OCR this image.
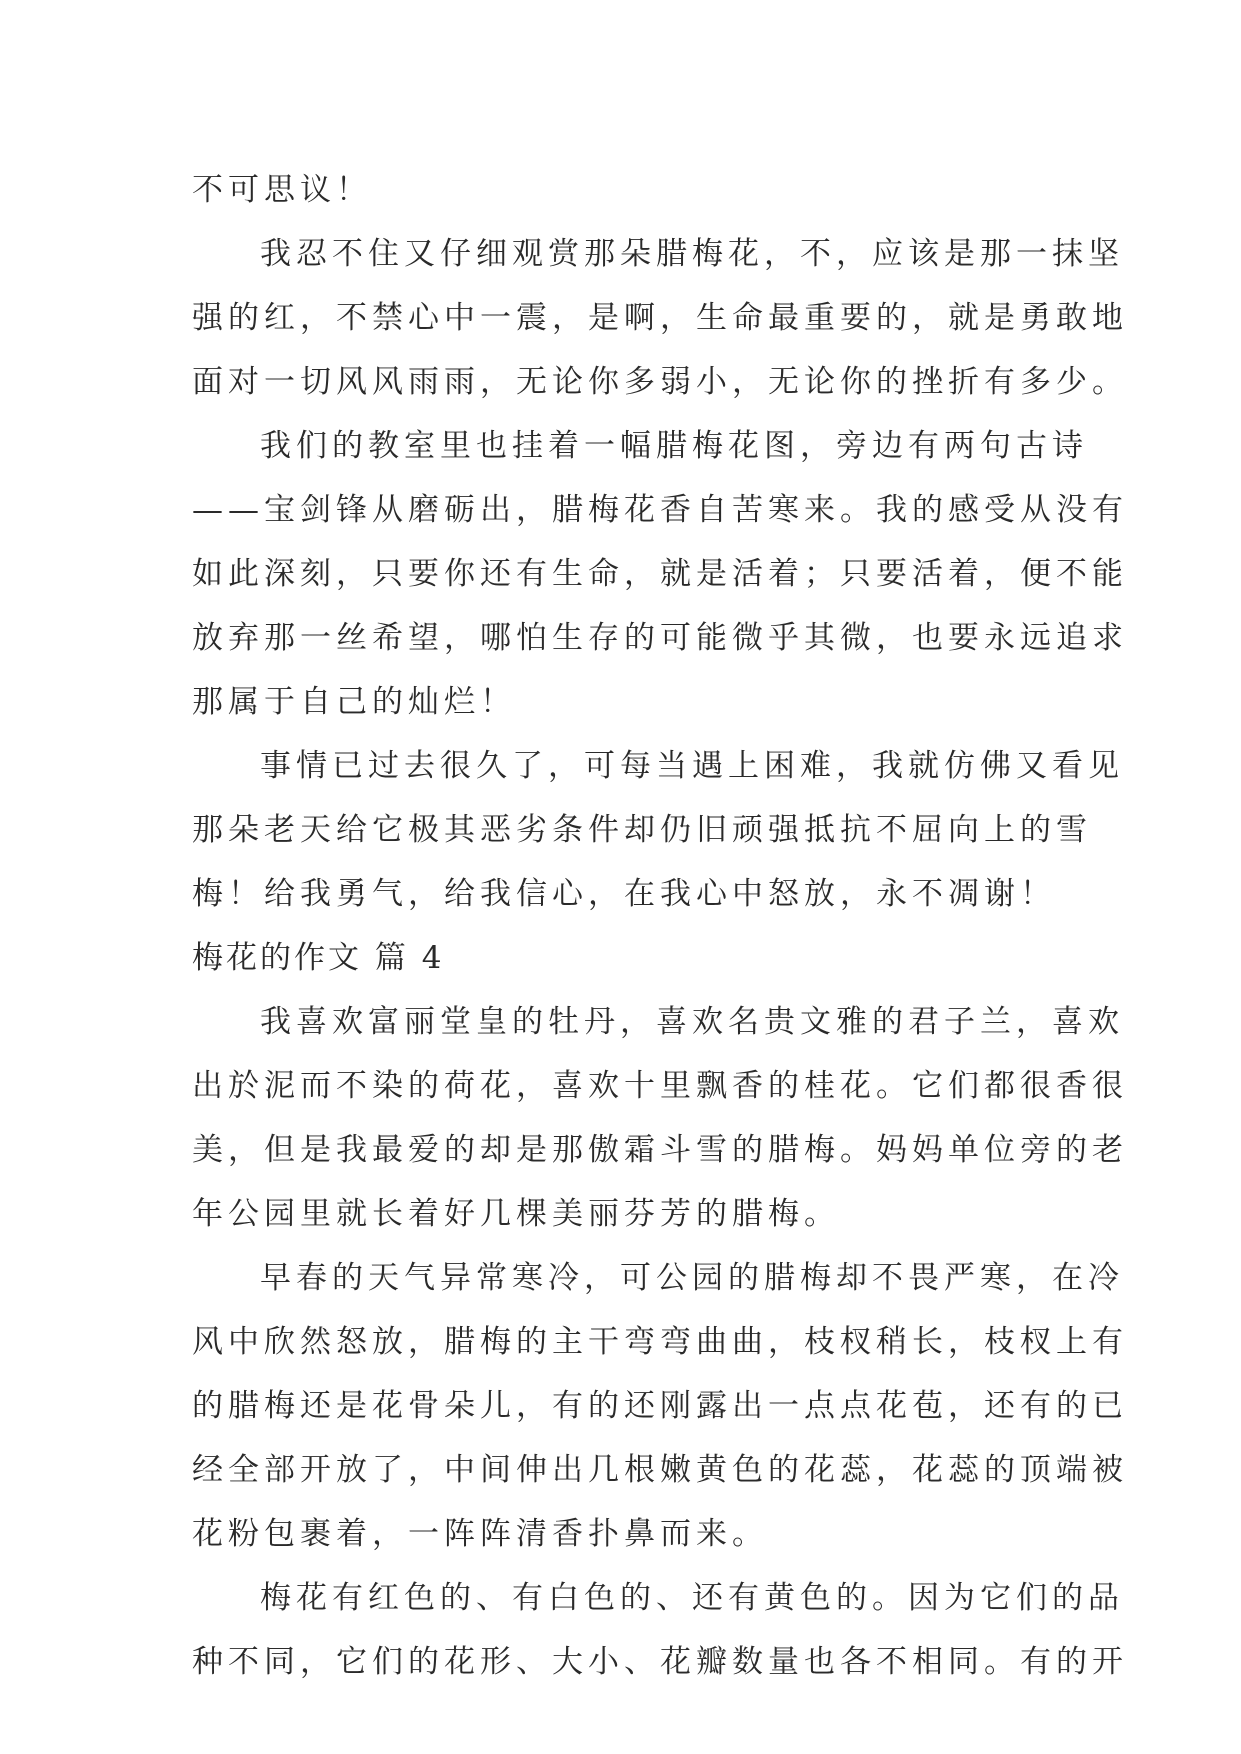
不可思议！

我忍不住又仔细观赏那朵腊梅花，不，应该是那一抹坚

强的红，不禁心中一震，是啊，生命最重要的，就是勇敢地

面对一切风风雨雨，无论你多弱小，无论你的挫折有多少。

我们的教室里也挂着一幅腊梅花图，旁边有两句古诗

——宝剑锋从磨砺出，腊梅花香自苦寒来。我的感受从没有

如此深刻，只要你还有生命，就是活着；只要活着，便不能

放弃那一丝希望，哪怕生存的可能微乎其微，也要永远追求

那属于自己的灿烂！

事情已过去很久了，可每当遇上困难，我就仿佛又看见

那朵老天给它极其恶劣条件却仍旧顽强抵抗不屈向上的雪

梅！给我勇气，给我信心，在我心中怒放，永不凋谢！

梅花的作文 篇 4

我喜欢富丽堂皇的牡丹，喜欢名贵文雅的君子兰，喜欢

出於泥而不染的荷花，喜欢十里飘香的桂花。它们都很香很

美，但是我最爱的却是那傲霜斗雪的腊梅。妈妈单位旁的老

年公园里就长着好几棵美丽芬芳的腊梅。

早春的天气异常寒冷，可公园的腊梅却不畏严寒，在冷

风中欣然怒放，腊梅的主干弯弯曲曲，枝杈稍长，枝杈上有

的腊梅还是花骨朵儿，有的还刚露出一点点花苞，还有的已

经全部开放了，中间伸出几根嫩黄色的花蕊，花蕊的顶端被

花粉包裹着，一阵阵清香扑鼻而来。

梅花有红色的、有白色的、还有黄色的。因为它们的品

种不同，它们的花形、大小、花瓣数量也各不相同。有的开
